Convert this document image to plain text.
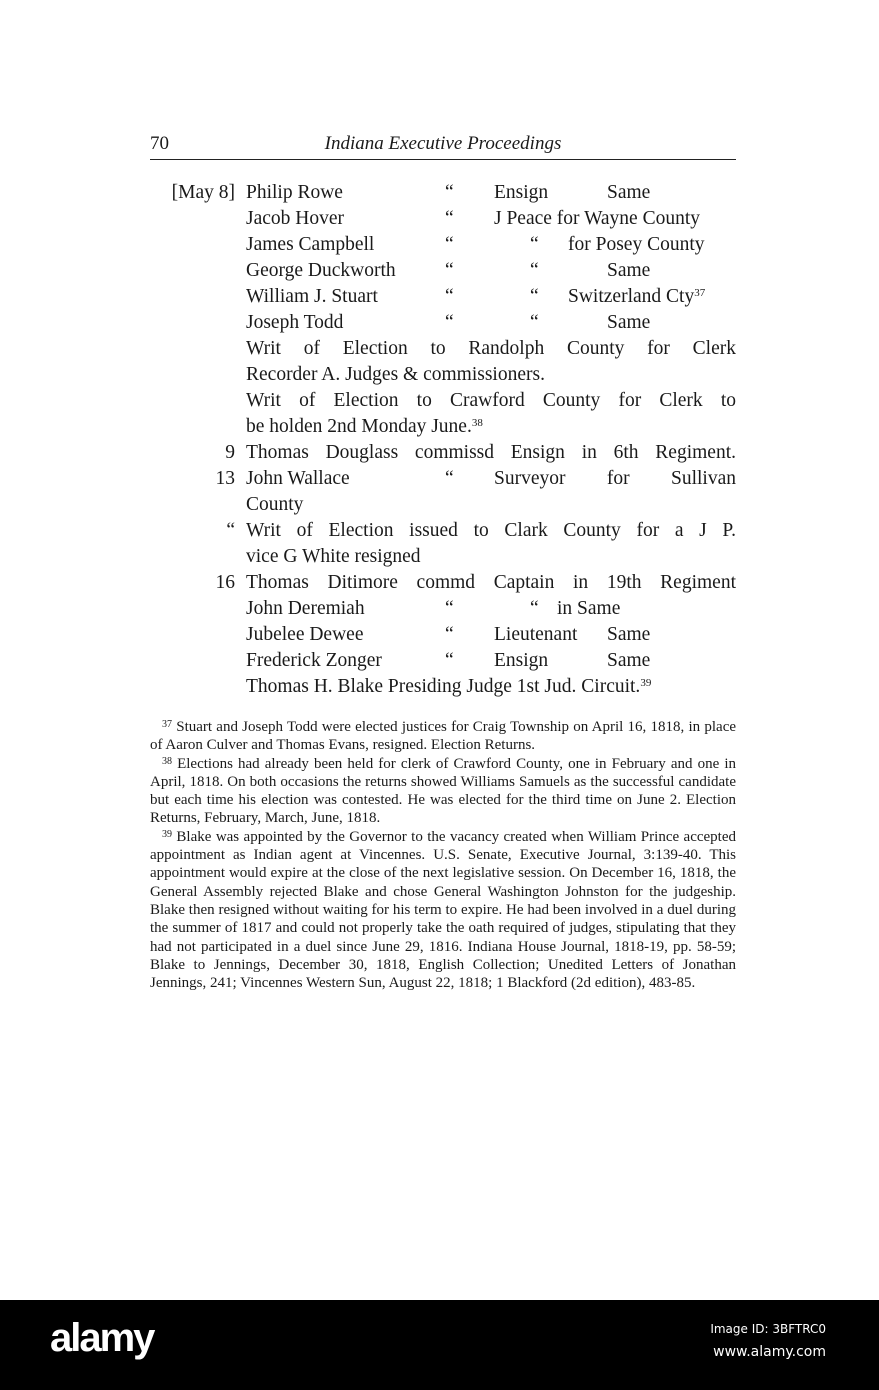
70	Indiana Executive Proceedings
[May 8] Philip Rowe	“ Ensign	Same
Jacob Hover	“ J Peace for Wayne County
James Campbell	“	“ for Posey County
George Duckworth	“	“	Same
William J. Stuart	“	“ Switzerland Cty$^{37}$
Joseph Todd	“	“	Same
Writ of Election to Randolph County for Clerk
Recorder A. Judges & commissioners.
Writ of Election to Crawford County for Clerk to
be holden 2nd Monday June.$^{38}$
9 Thomas Douglass commissd Ensign in 6th Regiment.
13 John Wallace	“ Surveyor for Sullivan
County
“ Writ of Election issued to Clark County for a J P.
vice G White resigned
16 Thomas Ditimore commd Captain in 19th Regiment
John Deremiah	“	“ in Same
Jubelee Dewee	“ Lieutenant Same
Frederick Zonger	“ Ensign	Same
Thomas H. Blake Presiding Judge 1st Jud. Circuit.$^{39}$

$^{37}$ Stuart and Joseph Todd were elected justices for Craig Township on April 16, 1818, in place of Aaron Culver and Thomas Evans, resigned. Election Returns.

$^{38}$ Elections had already been held for clerk of Crawford County, one in February and one in April, 1818. On both occasions the returns showed Williams Samuels as the successful candidate but each time his election was contested. He was elected for the third time on June 2. Election Returns, February, March, June, 1818.

$^{39}$ Blake was appointed by the Governor to the vacancy created when William Prince accepted appointment as Indian agent at Vincennes. U.S. Senate, Executive Journal, 3:139-40. This appointment would expire at the close of the next legislative session. On December 16, 1818, the General Assembly rejected Blake and chose General Washington Johnston for the judgeship. Blake then resigned without waiting for his term to expire. He had been involved in a duel during the summer of 1817 and could not properly take the oath required of judges, stipulating that they had not participated in a duel since June 29, 1816. Indiana House Journal, 1818-19, pp. 58-59; Blake to Jennings, December 30, 1818, English Collection; Unedited Letters of Jonathan Jennings, 241; Vincennes Western Sun, August 22, 1818; 1 Blackford (2d edition), 483-85.

alamy	Image ID: 3BFTRC0
www.alamy.com
